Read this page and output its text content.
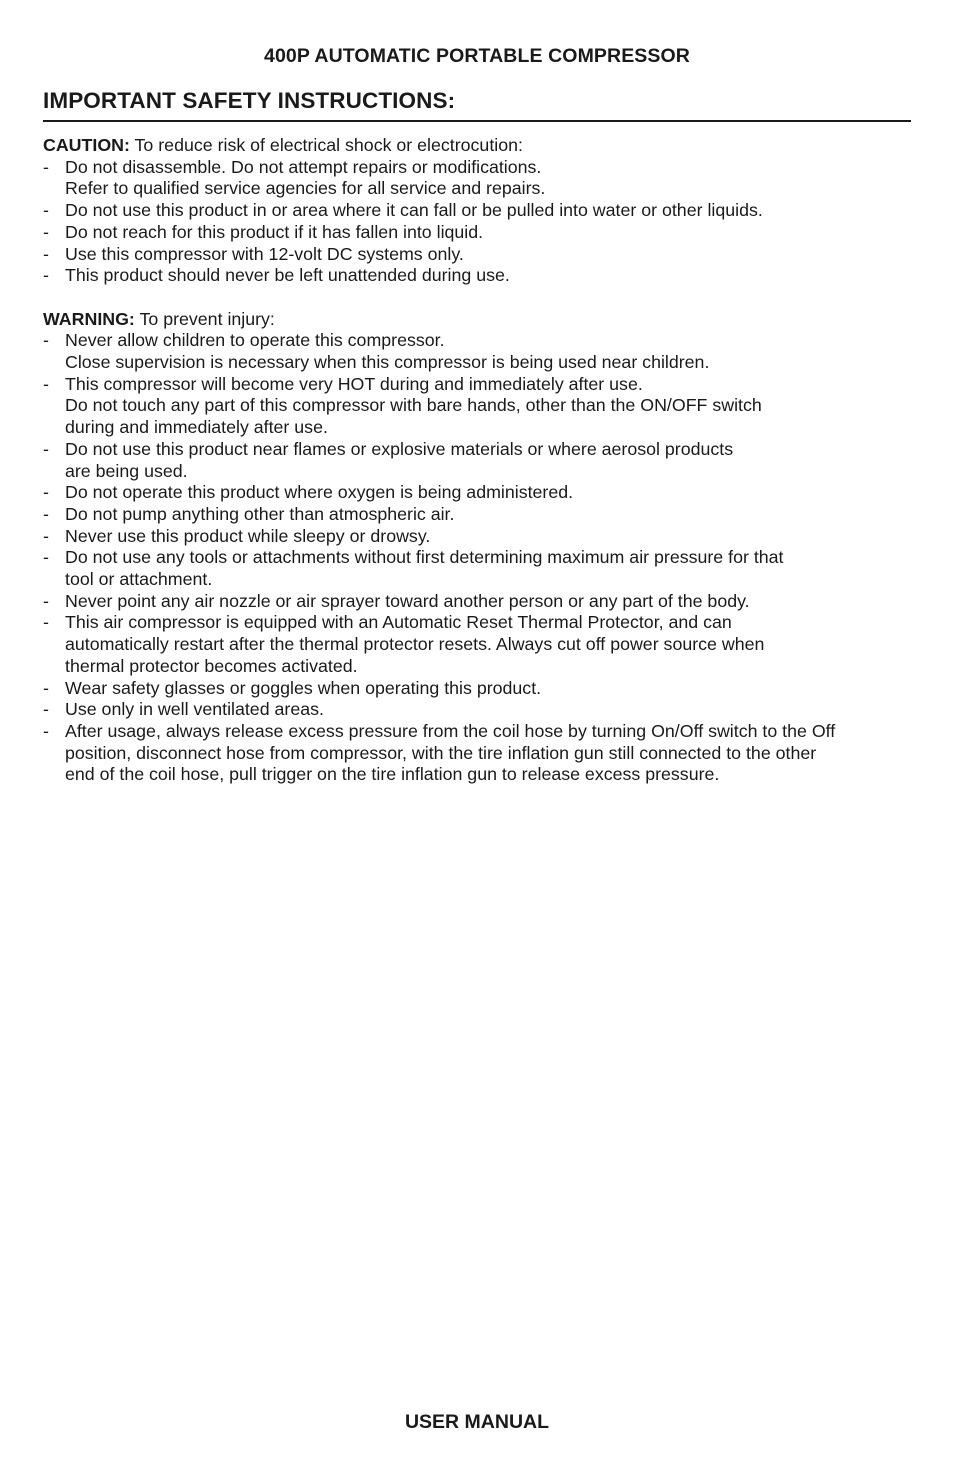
400P AUTOMATIC PORTABLE COMPRESSOR
IMPORTANT SAFETY INSTRUCTIONS:

CAUTION: To reduce risk of electrical shock or electrocution:

- Do not disassemble. Do not attempt repairs or modifications.
Refer to qualified service agencies for all service and repairs.
- Do not use this product in or area where it can fall or be pulled into water or other liquids.
- Do not reach for this product if it has fallen into liquid.
- Use this compressor with 12-volt DC systems only.
- This product should never be left unattended during use.

WARNING: To prevent injury:

- Never allow children to operate this compressor.
Close supervision is necessary when this compressor is being used near children.
- This compressor will become very HOT during and immediately after use.
Do not touch any part of this compressor with bare hands, other than the ON/OFF switch
during and immediately after use.
- Do not use this product near flames or explosive materials or where aerosol products
are being used.
- Do not operate this product where oxygen is being administered.
- Do not pump anything other than atmospheric air.
- Never use this product while sleepy or drowsy.
- Do not use any tools or attachments without first determining maximum air pressure for that
tool or attachment.
- Never point any air nozzle or air sprayer toward another person or any part of the body.
- This air compressor is equipped with an Automatic Reset Thermal Protector, and can
automatically restart after the thermal protector resets. Always cut off power source when
thermal protector becomes activated.
- Wear safety glasses or goggles when operating this product.
- Use only in well ventilated areas.
- After usage, always release excess pressure from the coil hose by turning On/Off switch to the Off
position, disconnect hose from compressor, with the tire inflation gun still connected to the other
end of the coil hose, pull trigger on the tire inflation gun to release excess pressure.
USER MANUAL
